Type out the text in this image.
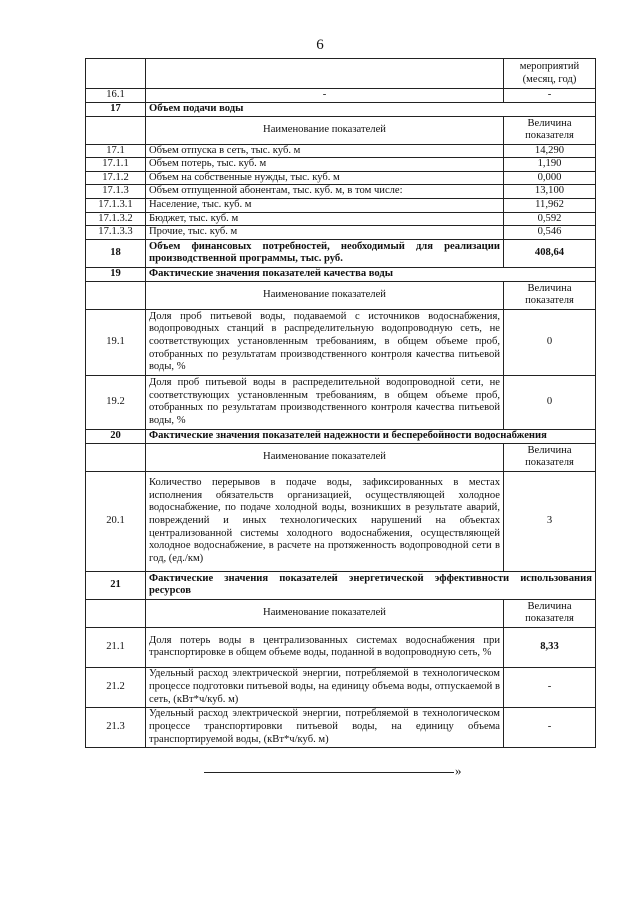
6
		мероприятий (месяц, год)
16.1	-	-
17	Объем подачи воды	
	Наименование показателей	Величина показателя
17.1	Объем отпуска в сеть, тыс. куб. м	14,290
17.1.1	Объем потерь, тыс. куб. м	1,190
17.1.2	Объем на собственные нужды, тыс. куб. м	0,000
17.1.3	Объем отпущенной абонентам, тыс. куб. м, в том числе:	13,100
17.1.3.1	Население, тыс. куб. м	11,962
17.1.3.2	Бюджет, тыс. куб. м	0,592
17.1.3.3	Прочие, тыс. куб. м	0,546
18	Объем финансовых потребностей, необходимый для реализации производственной программы, тыс. руб.	408,64
19	Фактические значения показателей качества воды	
	Наименование показателей	Величина показателя
19.1	Доля проб питьевой воды, подаваемой с источников водоснабжения, водопроводных станций в распределительную водопроводную сеть, не соответствующих установленным требованиям, в общем объеме проб, отобранных по результатам производственного контроля качества питьевой воды, %	0
19.2	Доля проб питьевой воды в распределительной водопроводной сети, не соответствующих установленным требованиям, в общем объеме проб, отобранных по результатам производственного контроля качества питьевой воды, %	0
20	Фактические значения показателей надежности и бесперебойности водоснабжения	
	Наименование показателей	Величина показателя
20.1	Количество перерывов в подаче воды, зафиксированных в местах исполнения обязательств организацией, осуществляющей холодное водоснабжение, по подаче холодной воды, возникших в результате аварий, повреждений и иных технологических нарушений на объектах централизованной системы холодного водоснабжения, осуществляющей холодное водоснабжение, в расчете на протяженность водопроводной сети в год, (ед./км)	3
21	Фактические значения показателей энергетической эффективности использования ресурсов	
	Наименование показателей	Величина показателя
21.1	Доля потерь воды в централизованных системах водоснабжения при транспортировке в общем объеме воды, поданной в водопроводную сеть, %	8,33
21.2	Удельный расход электрической энергии, потребляемой в технологическом процессе подготовки питьевой воды, на единицу объема воды, отпускаемой в сеть, (кВт*ч/куб. м)	-
21.3	Удельный расход электрической энергии, потребляемой в технологическом процессе транспортировки питьевой воды, на единицу объема транспортируемой воды, (кВт*ч/куб. м)	-
»
